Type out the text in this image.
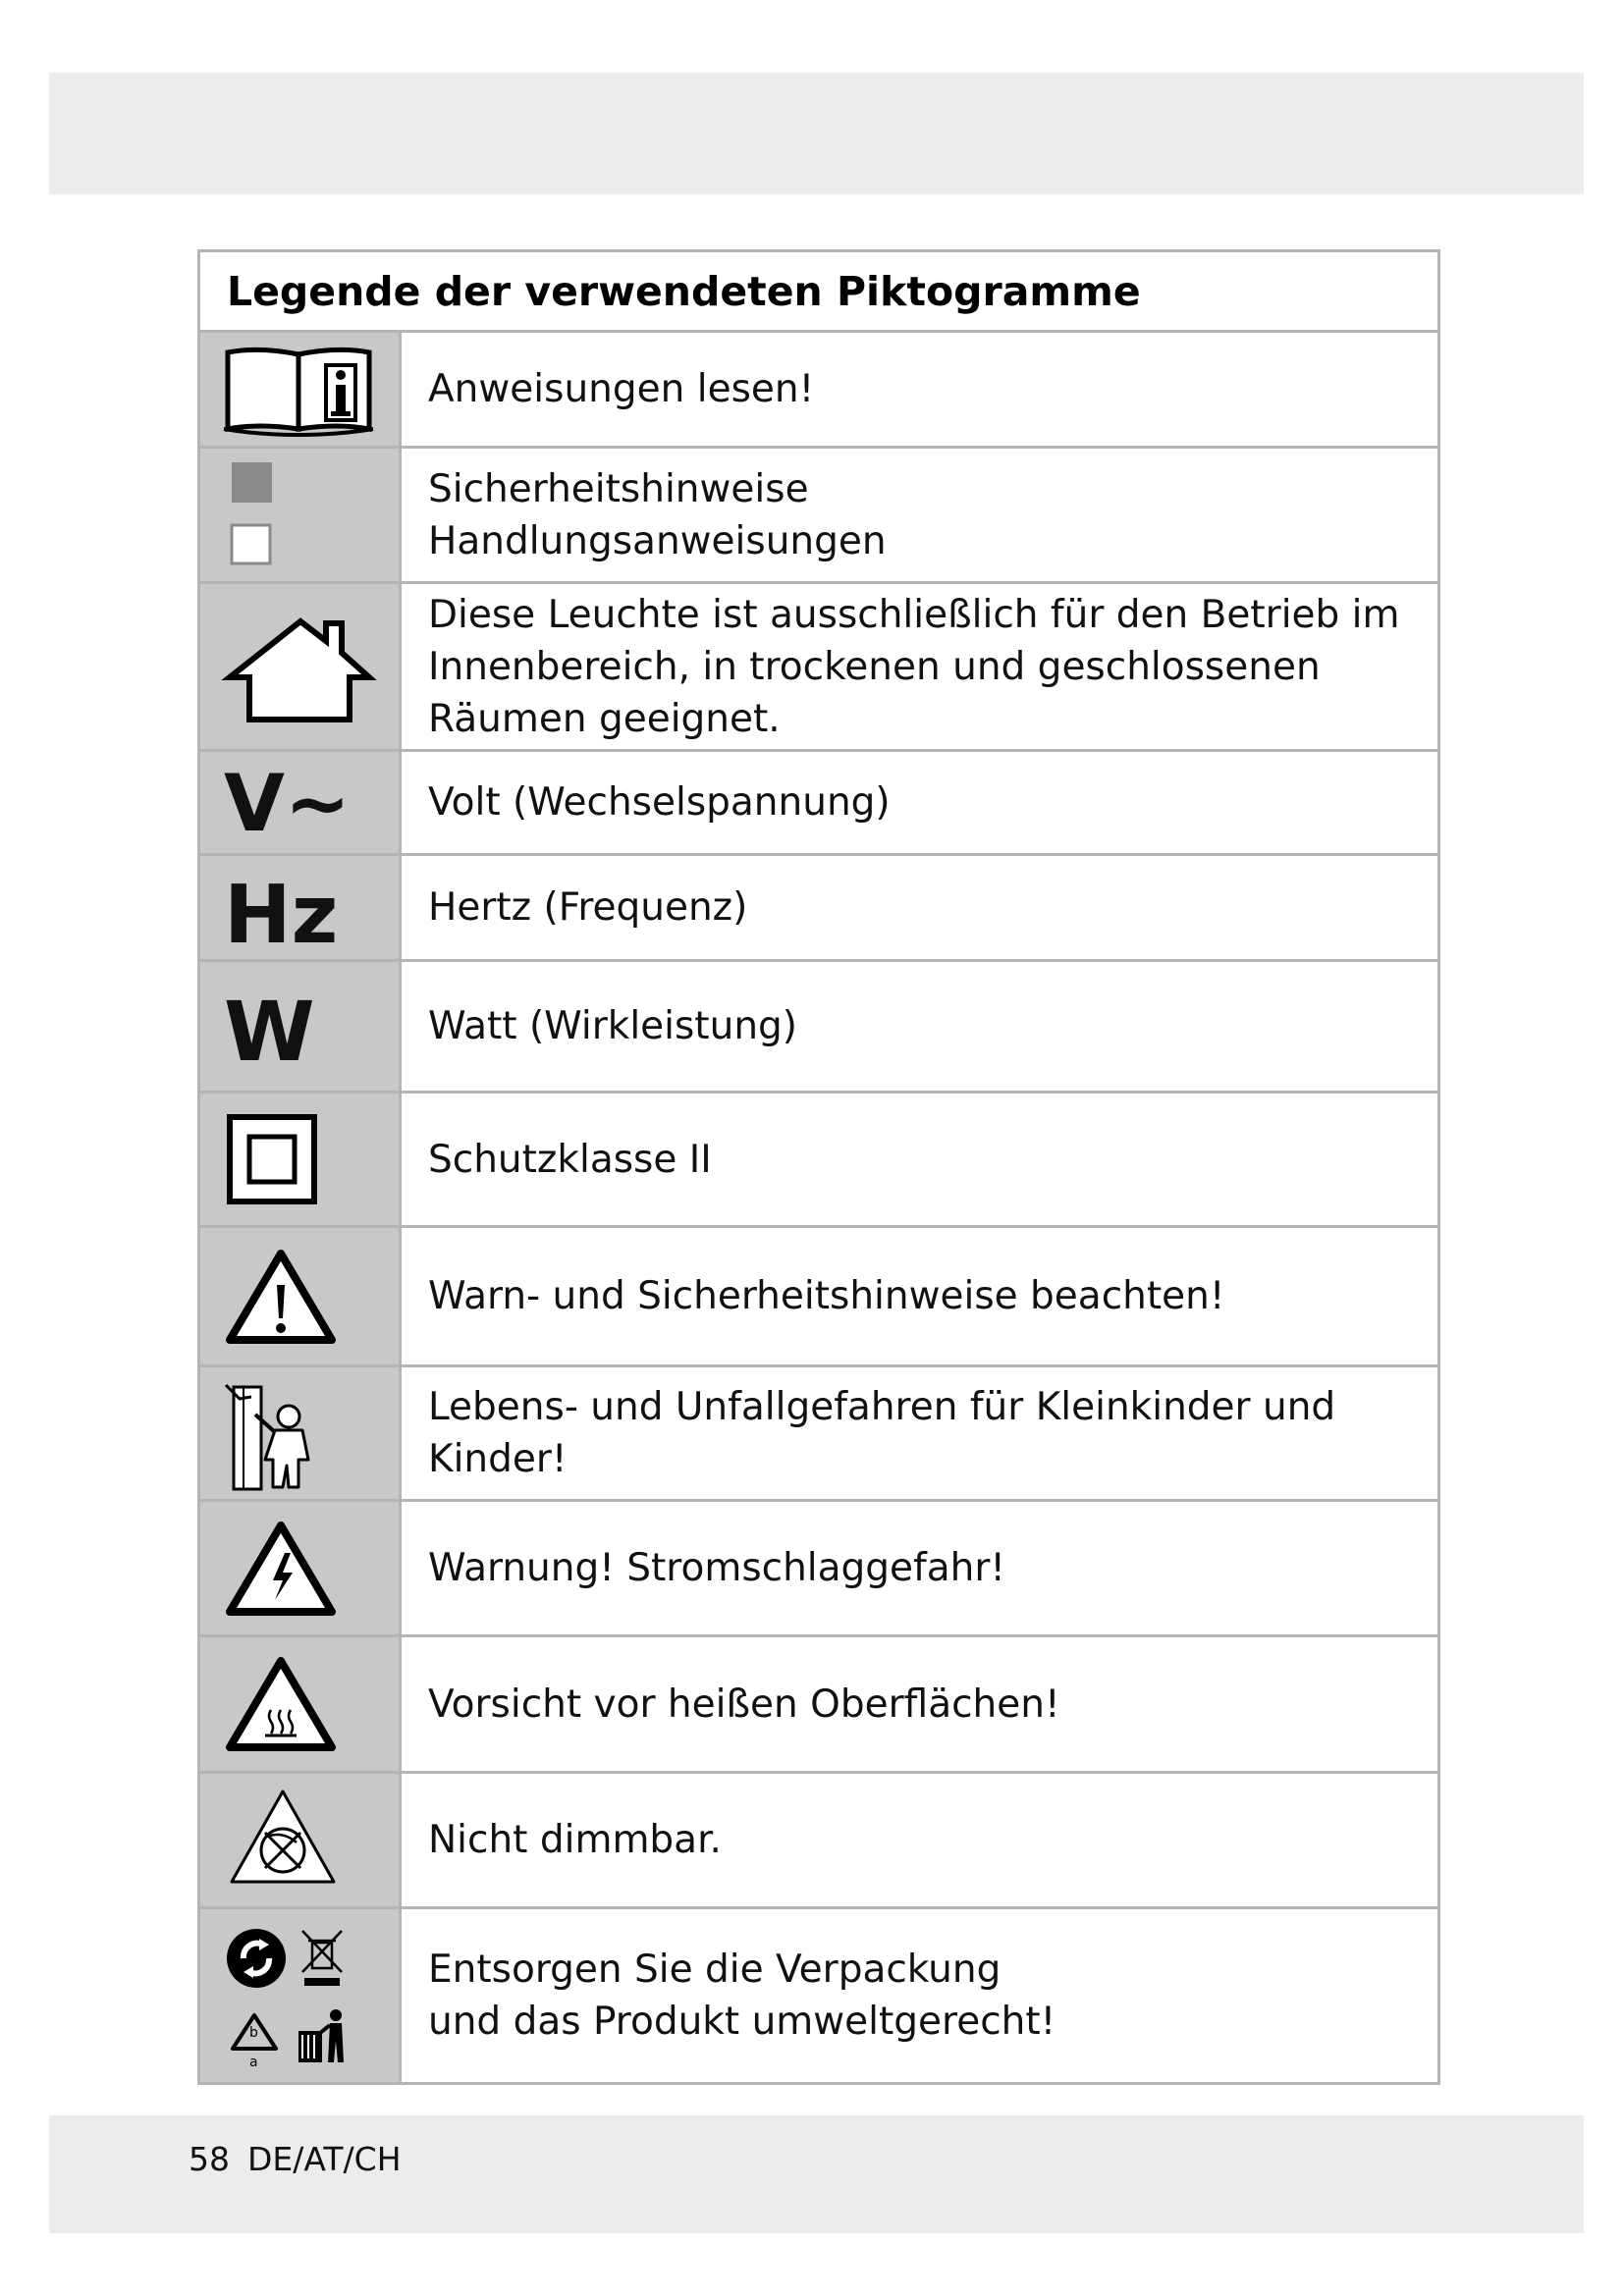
Legende der verwendeten Piktogramme
Anweisungen lesen!
Sicherheitshinweise
Handlungsanweisungen
Diese Leuchte ist ausschließlich für den Betrieb im
Innenbereich, in trockenen und geschlossenen
Räumen geeignet.
V~ Volt (Wechselspannung)
Hz Hertz (Frequenz)
W	Watt (Wirkleistung)
Schutzklasse II
Warn- und Sicherheitshinweise beachten!
Lebens- und Unfallgefahren für Kleinkinder und Kinder!
Warnung! Stromschlaggefahr!
Vorsicht vor heißen Oberflächen!
Nicht dimmbar.
b
a
Entsorgen Sie die Verpackung
und das Produkt umweltgerecht!
58 DE/AT/CH
